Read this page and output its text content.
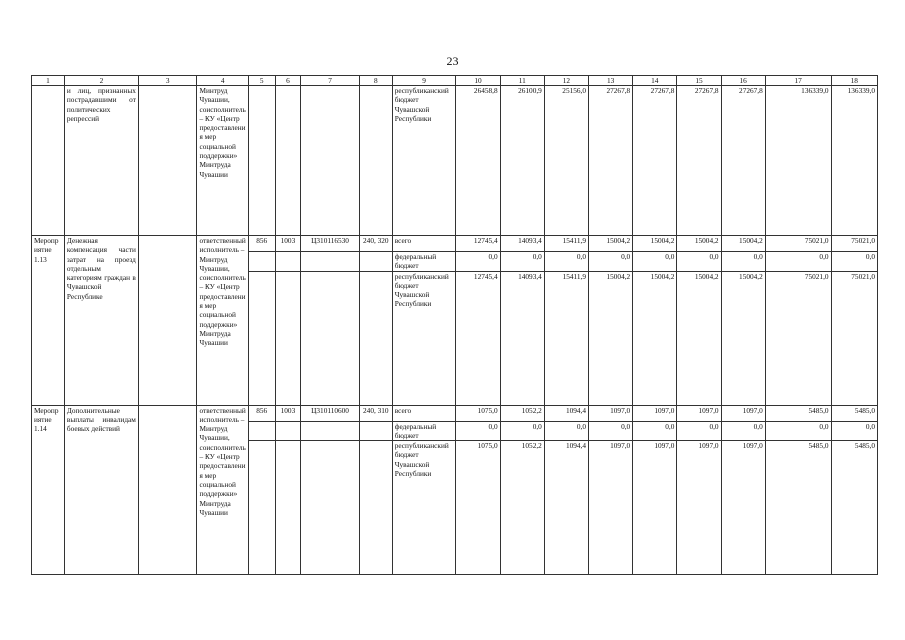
23
1	2	3	4	5	6	7	8	9	10	11	12	13	14	15	16	17	18
	и лиц, признанных пострадавшими от политических репрессий		Минтруд Чувашии, соисполнитель – КУ «Центр предоставления мер социальной поддержки» Минтруда Чувашии					республиканский бюджет Чувашской Республики	26458,8	26100,9	25156,0	27267,8	27267,8	27267,8	27267,8	136339,0	136339,0
Мероприятие 1.13	Денежная компенсация части затрат на проезд отдельным категориям граждан в Чувашской Республике		ответственный исполнитель – Минтруд Чувашии, соисполнитель – КУ «Центр предоставления мер социальной поддержки» Минтруда Чувашии	856	1003	Ц310116530	240, 320	всего	12745,4	14093,4	15411,9	15004,2	15004,2	15004,2	15004,2	75021,0	75021,0
								федеральный бюджет	0,0	0,0	0,0	0,0	0,0	0,0	0,0	0,0	0,0
								республиканский бюджет Чувашской Республики	12745,4	14093,4	15411,9	15004,2	15004,2	15004,2	15004,2	75021,0	75021,0
Мероприятие 1.14	Дополнительные выплаты инвалидам боевых действий		ответственный исполнитель – Минтруд Чувашии, соисполнитель – КУ «Центр предоставления мер социальной поддержки» Минтруда Чувашии	856	1003	Ц310110600	240, 310	всего	1075,0	1052,2	1094,4	1097,0	1097,0	1097,0	1097,0	5485,0	5485,0
								федеральный бюджет	0,0	0,0	0,0	0,0	0,0	0,0	0,0	0,0	0,0
								республиканский бюджет Чувашской Республики	1075,0	1052,2	1094,4	1097,0	1097,0	1097,0	1097,0	5485,0	5485,0
